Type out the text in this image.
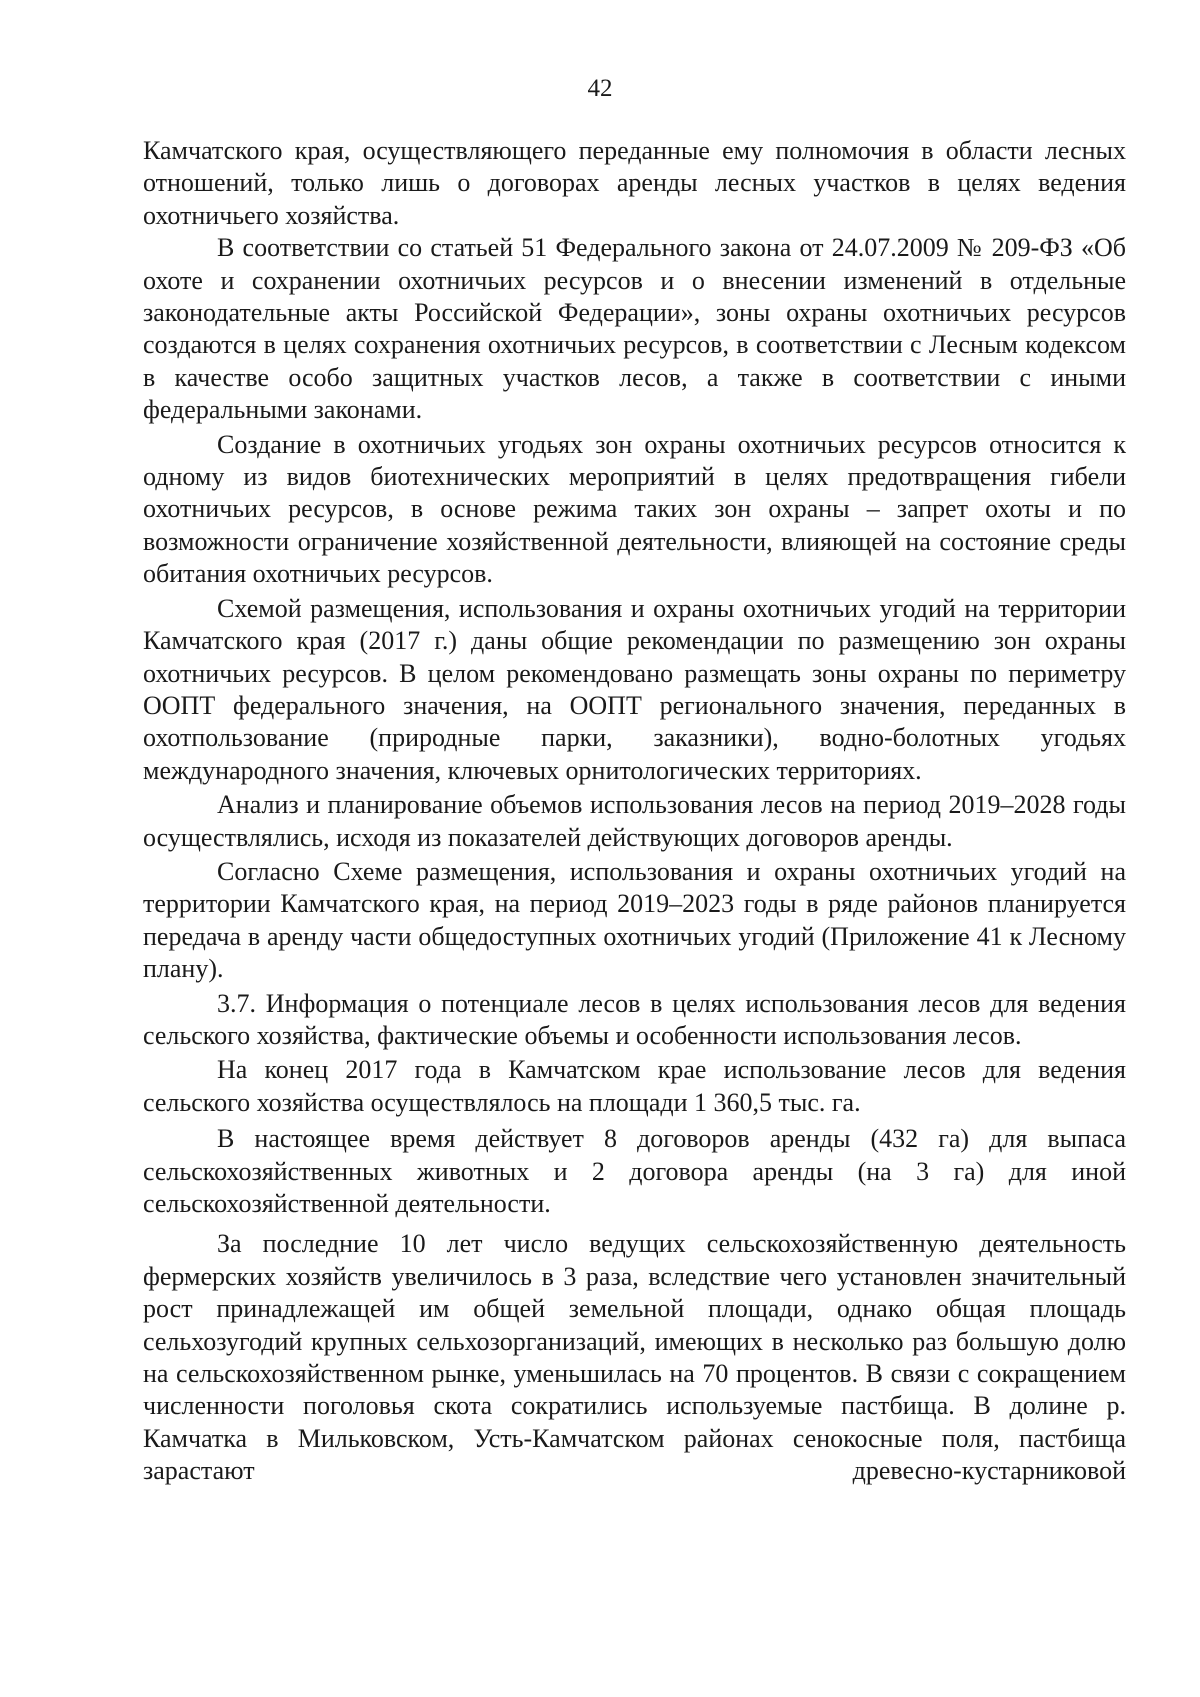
42

Камчатского края, осуществляющего переданные ему полномочия в области лесных отношений, только лишь о договорах аренды лесных участков в целях ведения охотничьего хозяйства.

В соответствии со статьей 51 Федерального закона от 24.07.2009 № 209-ФЗ «Об охоте и сохранении охотничьих ресурсов и о внесении изменений в отдельные законодательные акты Российской Федерации», зоны охраны охотничьих ресурсов создаются в целях сохранения охотничьих ресурсов, в соответствии с Лесным кодексом в качестве особо защитных участков лесов, а также в соответствии с иными федеральными законами.

Создание в охотничьих угодьях зон охраны охотничьих ресурсов относится к одному из видов биотехнических мероприятий в целях предотвращения гибели охотничьих ресурсов, в основе режима таких зон охраны – запрет охоты и по возможности ограничение хозяйственной деятельности, влияющей на состояние среды обитания охотничьих ресурсов.

Схемой размещения, использования и охраны охотничьих угодий на территории Камчатского края (2017 г.) даны общие рекомендации по размещению зон охраны охотничьих ресурсов. В целом рекомендовано размещать зоны охраны по периметру ООПТ федерального значения, на ООПТ регионального значения, переданных в охотпользование (природные парки, заказники), водно-болотных угодьях международного значения, ключевых орнитологических территориях.

Анализ и планирование объемов использования лесов на период 2019–2028 годы осуществлялись, исходя из показателей действующих договоров аренды.

Согласно Схеме размещения, использования и охраны охотничьих угодий на территории Камчатского края, на период 2019–2023 годы в ряде районов планируется передача в аренду части общедоступных охотничьих угодий (Приложение 41 к Лесному плану).

3.7. Информация о потенциале лесов в целях использования лесов для ведения сельского хозяйства, фактические объемы и особенности использования лесов.

На конец 2017 года в Камчатском крае использование лесов для ведения сельского хозяйства осуществлялось на площади 1 360,5 тыс. га.

В настоящее время действует 8 договоров аренды (432 га) для выпаса сельскохозяйственных животных и 2 договора аренды (на 3 га) для иной сельскохозяйственной деятельности.

За последние 10 лет число ведущих сельскохозяйственную деятельность фермерских хозяйств увеличилось в 3 раза, вследствие чего установлен значительный рост принадлежащей им общей земельной площади, однако общая площадь сельхозугодий крупных сельхозорганизаций, имеющих в несколько раз большую долю на сельскохозяйственном рынке, уменьшилась на 70 процентов. В связи с сокращением численности поголовья скота сократились используемые пастбища. В долине р. Камчатка в Мильковском, Усть-Камчатском районах сенокосные поля, пастбища зарастают древесно-кустарниковой
